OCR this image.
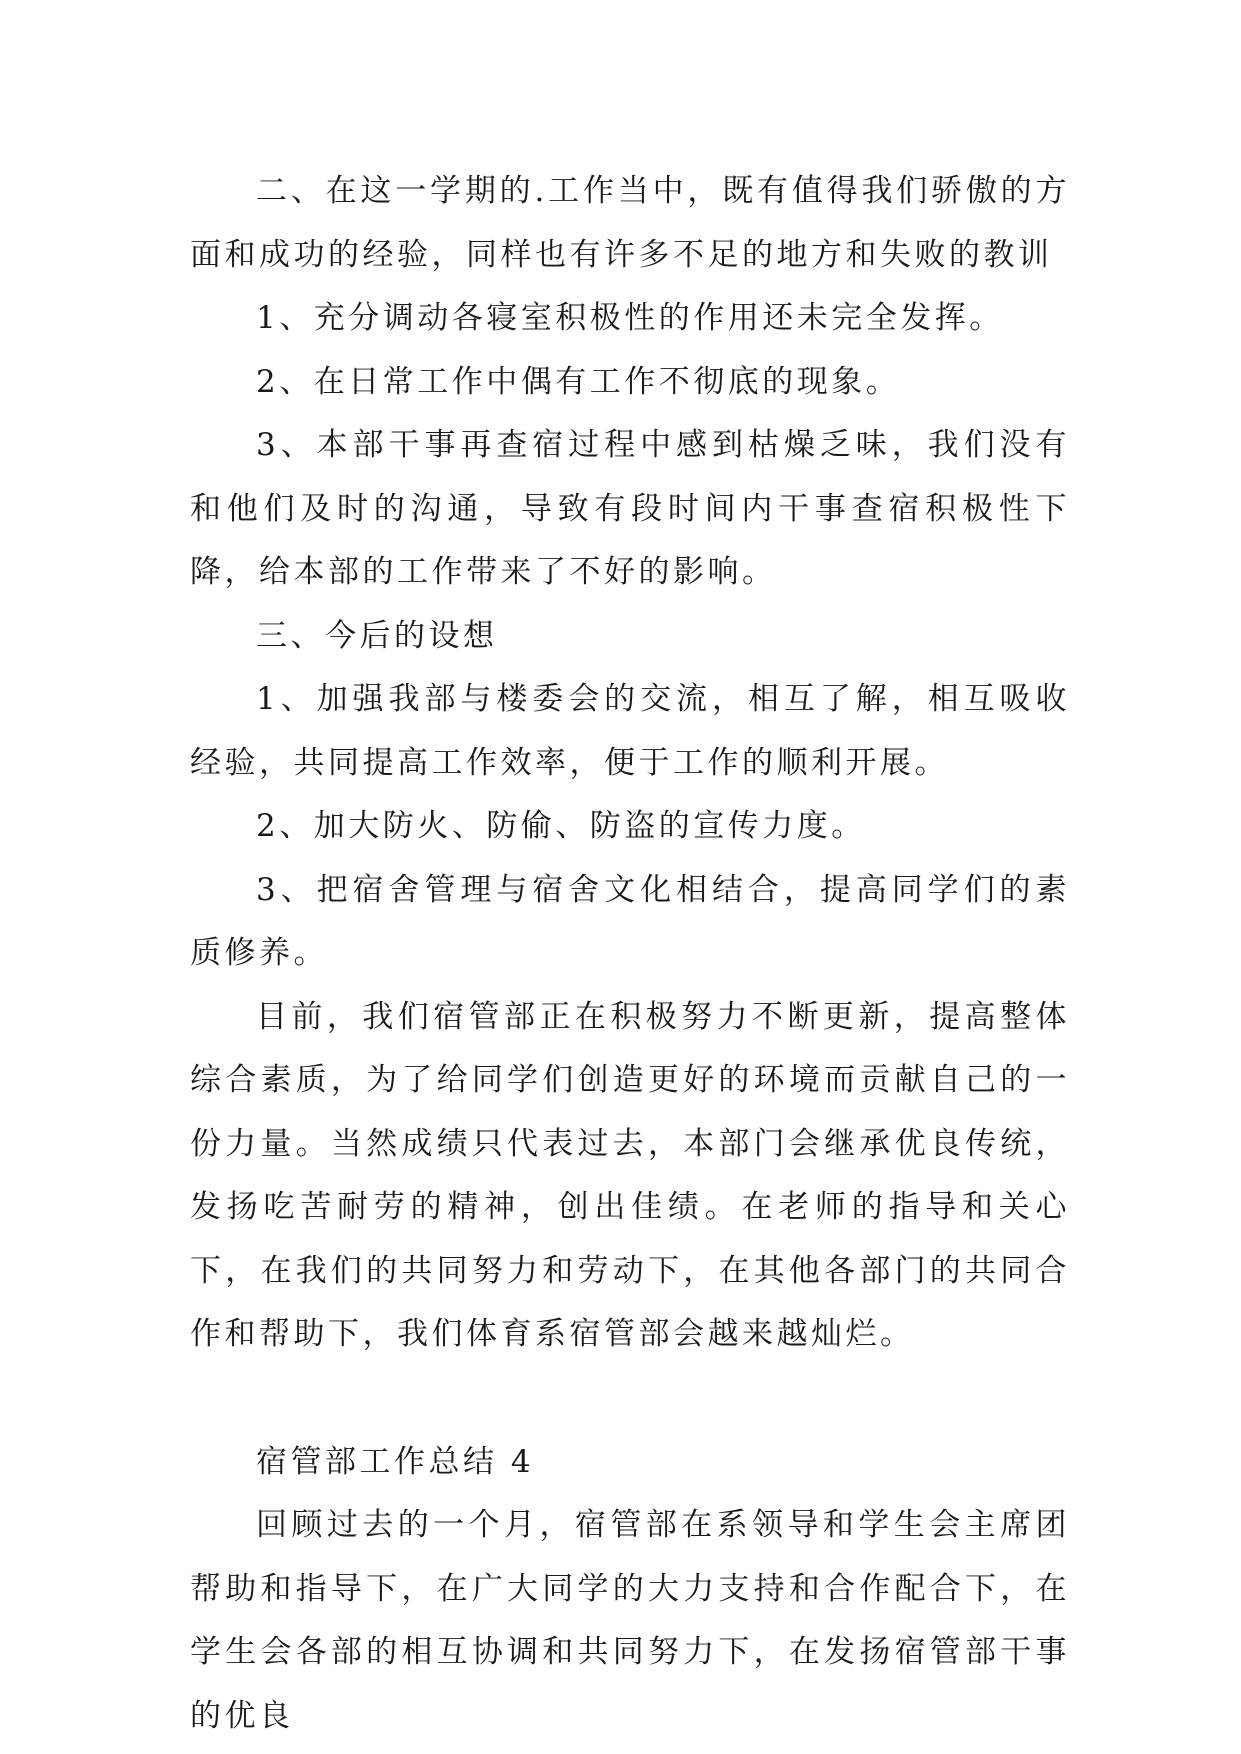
二、在这一学期的.工作当中，既有值得我们骄傲的方面和成功的经验，同样也有许多不足的地方和失败的教训

1、充分调动各寝室积极性的作用还未完全发挥。

2、在日常工作中偶有工作不彻底的现象。

3、本部干事再查宿过程中感到枯燥乏味，我们没有和他们及时的沟通，导致有段时间内干事查宿积极性下降，给本部的工作带来了不好的影响。

三、今后的设想

1、加强我部与楼委会的交流，相互了解，相互吸收经验，共同提高工作效率，便于工作的顺利开展。

2、加大防火、防偷、防盗的宣传力度。

3、把宿舍管理与宿舍文化相结合，提高同学们的素质修养。

目前，我们宿管部正在积极努力不断更新，提高整体综合素质，为了给同学们创造更好的环境而贡献自己的一份力量。当然成绩只代表过去，本部门会继承优良传统，发扬吃苦耐劳的精神，创出佳绩。在老师的指导和关心下，在我们的共同努力和劳动下，在其他各部门的共同合作和帮助下，我们体育系宿管部会越来越灿烂。

宿管部工作总结 4

回顾过去的一个月，宿管部在系领导和学生会主席团帮助和指导下，在广大同学的大力支持和合作配合下，在学生会各部的相互协调和共同努力下，在发扬宿管部干事的优良
